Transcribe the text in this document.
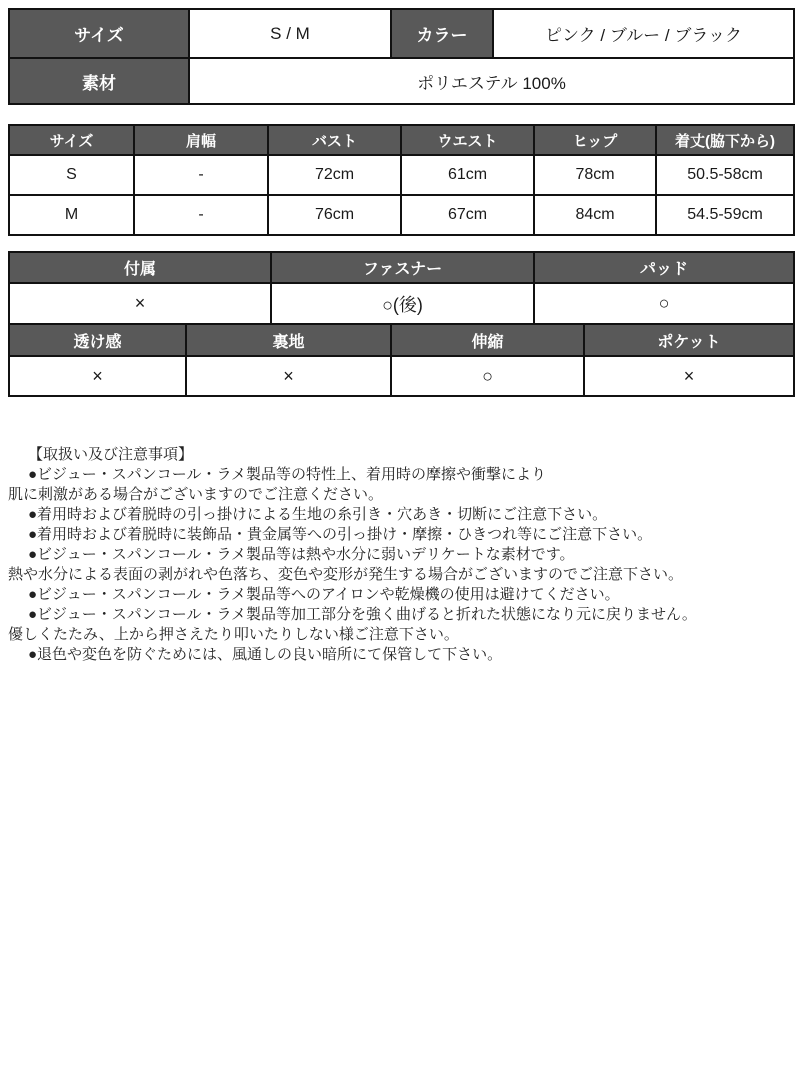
サイズ	S / M	カラー	ピンク / ブルー / ブラック
素材	ポリエステル 100%		
サイズ	肩幅	バスト	ウエスト	ヒップ	着丈(脇下から)
S	-	72cm	61cm	78cm	50.5-58cm
M	-	76cm	67cm	84cm	54.5-59cm
付属	ファスナー	パッド
×	○(後)	○
透け感	裏地	伸縮	ポケット
×	×	○	×
【取扱い及び注意事項】
●ビジュー・スパンコール・ラメ製品等の特性上、着用時の摩擦や衝撃により
肌に刺激がある場合がございますのでご注意ください。
●着用時および着脱時の引っ掛けによる生地の糸引き・穴あき・切断にご注意下さい。
●着用時および着脱時に装飾品・貴金属等への引っ掛け・摩擦・ひきつれ等にご注意下さい。
●ビジュー・スパンコール・ラメ製品等は熱や水分に弱いデリケートな素材です。
熱や水分による表面の剥がれや色落ち、変色や変形が発生する場合がございますのでご注意下さい。
●ビジュー・スパンコール・ラメ製品等へのアイロンや乾燥機の使用は避けてください。
●ビジュー・スパンコール・ラメ製品等加工部分を強く曲げると折れた状態になり元に戻りません。
優しくたたみ、上から押さえたり叩いたりしない様ご注意下さい。
●退色や変色を防ぐためには、風通しの良い暗所にて保管して下さい。
